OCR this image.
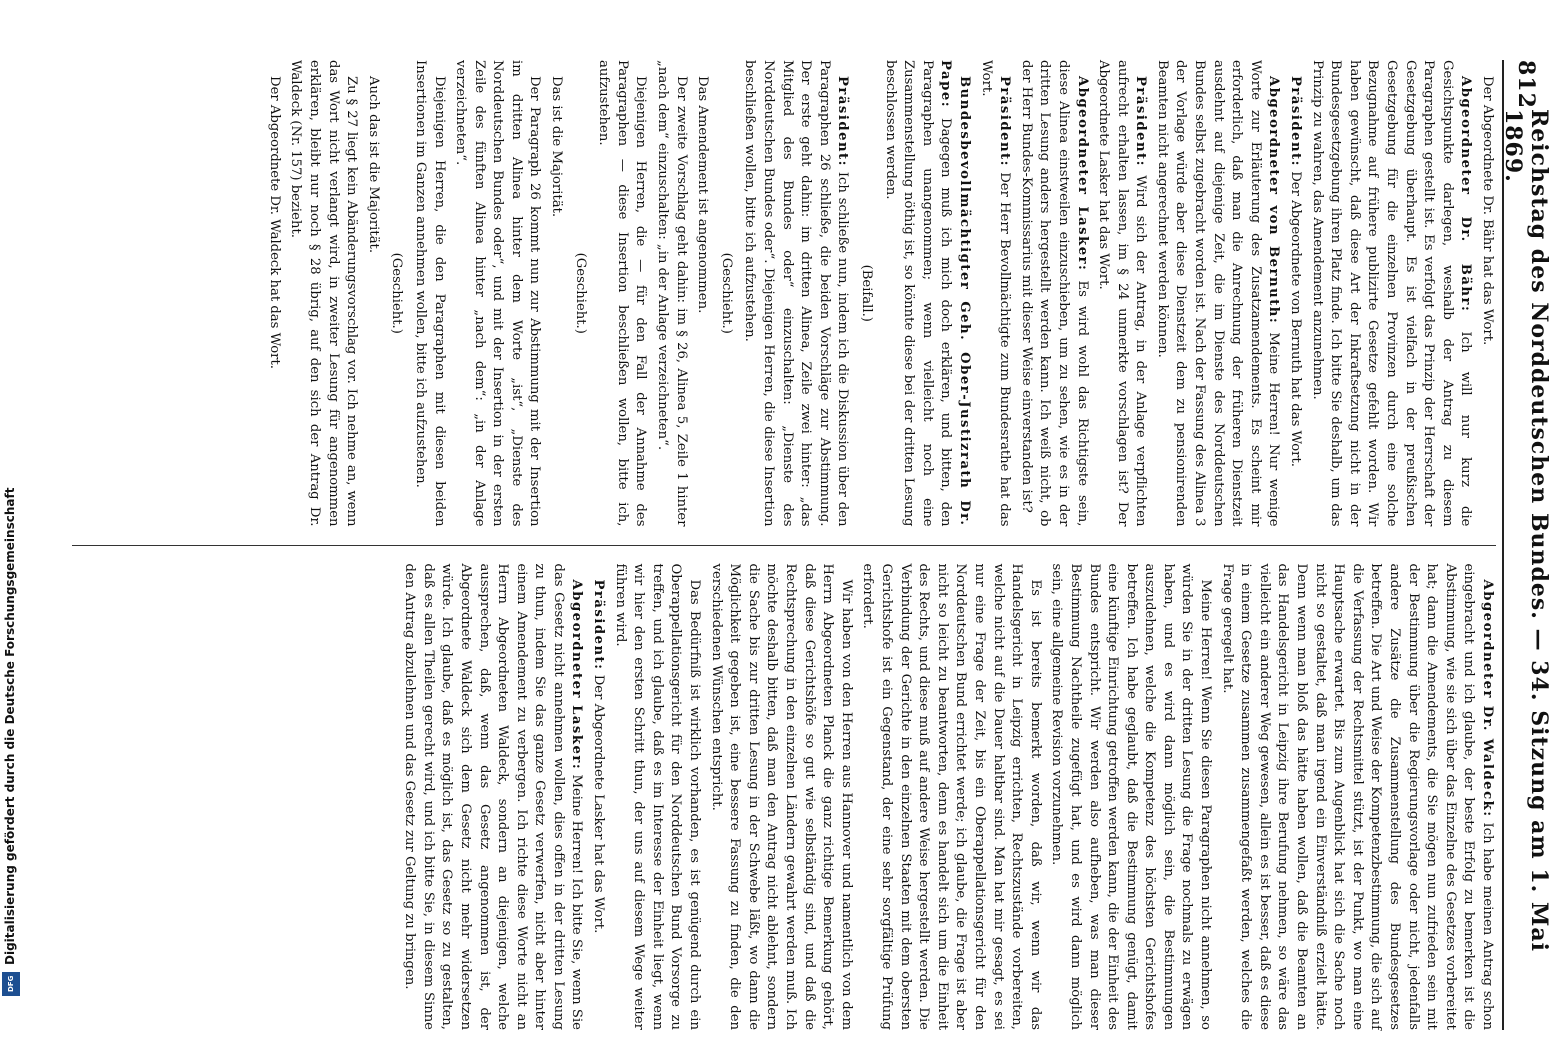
812
Reichstag des Norddeutschen Bundes. — 34. Sitzung am 1. Mai 1869.

Der Abgeordnete Dr. Bähr hat das Wort.

Abgeordneter Dr. Bähr: Ich will nur kurz die Gesichtspunkte darlegen, weshalb der Antrag zu diesem Paragraphen gestellt ist. Es verfolgt das Prinzip der Herrschaft der Gesetzgebung überhaupt. Es ist vielfach in der preußischen Gesetzgebung für die einzelnen Provinzen durch eine solche Bezugnahme auf frühere publizirte Gesetze gefehlt worden. Wir haben gewünscht, daß diese Art der Inkraftsetzung nicht in der Bundesgesetzgebung ihren Platz finde. Ich bitte Sie deshalb, um das Prinzip zu wahren, das Amendement anzunehmen.

Präsident: Der Abgeordnete von Bernuth hat das Wort.

Abgeordneter von Bernuth: Meine Herren! Nur wenige Worte zur Erläuterung des Zusatzamendements. Es scheint mir erforderlich, daß man die Anrechnung der früheren Dienstzeit ausdehnt auf diejenige Zeit, die im Dienste des Norddeutschen Bundes selbst zugebracht worden ist. Nach der Fassung des Alinea 3 der Vorlage würde aber diese Dienstzeit dem zu pensionirenden Beamten nicht angerechnet werden können.

Präsident: Wird sich der Antrag, in der Anlage verpflichten aufrecht erhalten lassen, im § 24 unmerkte vorschlagen ist? Der Abgeordnete Lasker hat das Wort.

Abgeordneter Lasker: Es wird wohl das Richtigste sein, diese Alinea einstweilen einzuschieben, um zu sehen, wie es in der dritten Lesung anders hergestellt werden kann. Ich weiß nicht, ob der Herr Bundes-Kommissarius mit dieser Weise einverstanden ist?

Präsident: Der Herr Bevollmächtigte zum Bundesrathe hat das Wort.

Bundesbevollmächtigter Geh. Ober-Justizrath Dr. Pape: Dagegen muß ich mich doch erklären, und bitten, den Paragraphen unangenommen; wenn vielleicht noch eine Zusammenstellung nöthig ist, so könnte diese bei der dritten Lesung beschlossen werden.

(Beifall.)

Präsident: Ich schließe nun, indem ich die Diskussion über den Paragraphen 26 schließe, die beiden Vorschläge zur Abstimmung. Der erste geht dahin: im dritten Alinea, Zeile zwei hinter: „das Mitglied des Bundes oder“ einzuschalten: „Dienste des Norddeutschen Bundes oder“. Diejenigen Herren, die diese Insertion beschließen wollen, bitte ich aufzustehen.

(Geschieht.)

Das Amendement ist angenommen.

Der zweite Vorschlag geht dahin: im § 26, Alinea 5, Zeile 1 hinter „nach dem“ einzuschalten: „in der Anlage verzeichneten“.

Diejenigen Herren, die — für den Fall der Annahme des Paragraphen — diese Insertion beschließen wollen, bitte ich, aufzustehen.

(Geschieht.)

Das ist die Majorität.

Der Paragraph 26 kommt nun zur Abstimmung mit der Insertion im dritten Alinea hinter dem Worte „ist“, „Dienste des Norddeutschen Bundes oder“, und mit der Insertion in der ersten Zeile des fünften Alinea hinter „nach dem“: „in der Anlage verzeichneten“.

Diejenigen Herren, die den Paragraphen mit diesen beiden Insertionen im Ganzen annehmen wollen, bitte ich aufzustehen.

(Geschieht.)

Auch das ist die Majorität.

Zu § 27 liegt kein Abänderungsvorschlag vor. Ich nehme an, wenn das Wort nicht verlangt wird, in zweiter Lesung für angenommen erklären, bleibt nur noch § 28 übrig, auf den sich der Antrag Dr. Waldeck (Nr. 157) bezieht.

Der Abgeordnete Dr. Waldeck hat das Wort.

Abgeordneter Dr. Waldeck: Ich habe meinen Antrag schon eingebracht und ich glaube, der beste Erfolg zu bemerken ist die Abstimmung, wie sie sich über das Einzelne des Gesetzes vorbereitet hat; dann die Amendements, die Sie mögen nun zufrieden sein mit der Bestimmung über die Regierungsvorlage oder nicht, jedenfalls andere Zusätze die Zusammenstellung des Bundesgesetzes betreffen. Die Art und Weise der Kompetenzbestimmung, die sich auf die Verfassung der Rechtsmittel stützt, ist der Punkt, wo man eine Hauptsache erwartet. Bis zum Augenblick hat sich die Sache noch nicht so gestaltet, daß man irgend ein Einverständniß erzielt hätte. Denn wenn man bloß das hätte haben wollen, daß die Beamten an das Handelsgericht in Leipzig ihre Berufung nehmen, so wäre das vielleicht ein anderer Weg gewesen, allein es ist besser, daß es diese in einem Gesetze zusammen zusammengefaßt werden, welches die Frage geregelt hat.

Meine Herren! Wenn Sie diesen Paragraphen nicht annehmen, so würden Sie in der dritten Lesung die Frage nochmals zu erwägen haben, und es wird dann möglich sein, die Bestimmungen auszudehnen, welche die Kompetenz des höchsten Gerichtshofes betreffen. Ich habe geglaubt, daß die Bestimmung genügt, damit eine künftige Einrichtung getroffen werden kann, die der Einheit des Bundes entspricht. Wir werden also aufheben, was man dieser Bestimmung Nachtheile zugefügt hat, und es wird dann möglich sein, eine allgemeine Revision vorzunehmen.

Es ist bereits bemerkt worden, daß wir, wenn wir das Handelsgericht in Leipzig errichten, Rechtszustände vorbereiten, welche nicht auf die Dauer haltbar sind. Man hat mir gesagt, es sei nur eine Frage der Zeit, bis ein Oberappellationsgericht für den Norddeutschen Bund errichtet werde; ich glaube, die Frage ist aber nicht so leicht zu beantworten, denn es handelt sich um die Einheit des Rechts, und diese muß auf andere Weise hergestellt werden. Die Verbindung der Gerichte in den einzelnen Staaten mit dem obersten Gerichtshofe ist ein Gegenstand, der eine sehr sorgfältige Prüfung erfordert.

Wir haben von den Herren aus Hannover und namentlich von dem Herrn Abgeordneten Planck die ganz richtige Bemerkung gehört, daß diese Gerichtshöfe so gut wie selbständig sind, und daß die Rechtsprechung in den einzelnen Ländern gewahrt werden muß. Ich möchte deshalb bitten, daß man den Antrag nicht ablehnt, sondern die Sache bis zur dritten Lesung in der Schwebe läßt, wo dann die Möglichkeit gegeben ist, eine bessere Fassung zu finden, die den verschiedenen Wünschen entspricht.

Das Bedürfniß ist wirklich vorhanden, es ist genügend durch ein Oberappellationsgericht für den Norddeutschen Bund Vorsorge zu treffen, und ich glaube, daß es im Interesse der Einheit liegt, wenn wir hier den ersten Schritt thun, der uns auf diesem Wege weiter führen wird.

Präsident: Der Abgeordnete Lasker hat das Wort.

Abgeordneter Lasker: Meine Herren! Ich bitte Sie, wenn Sie das Gesetz nicht annehmen wollen, dies offen in der dritten Lesung zu thun, indem Sie das ganze Gesetz verwerfen, nicht aber hinter einem Amendement zu verbergen. Ich richte diese Worte nicht an Herrn Abgeordneten Waldeck, sondern an diejenigen, welche aussprechen, daß, wenn das Gesetz angenommen ist, der Abgeordnete Waldeck sich dem Gesetz nicht mehr widersetzen würde. Ich glaube, daß es möglich ist, das Gesetz so zu gestalten, daß es allen Theilen gerecht wird, und ich bitte Sie, in diesem Sinne den Antrag abzulehnen und das Gesetz zur Geltung zu bringen.

Digitalisierung gefördert durch die Deutsche Forschungsgemeinschaft
DFG
